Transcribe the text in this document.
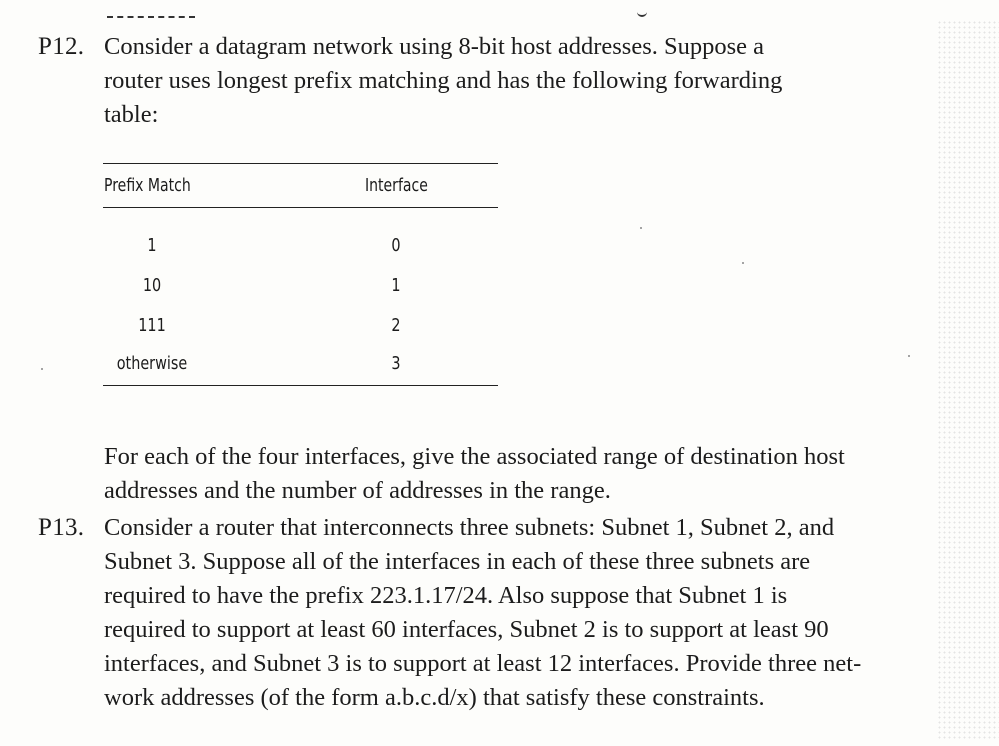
P12. Consider a datagram network using 8-bit host addresses. Suppose a
router uses longest prefix matching and has the following forwarding
table:
Prefix Match	Interface
1	0
10	1
111	2
otherwise	3
For each of the four interfaces, give the associated range of destination host
addresses and the number of addresses in the range.
P13. Consider a router that interconnects three subnets: Subnet 1, Subnet 2, and
Subnet 3. Suppose all of the interfaces in each of these three subnets are
required to have the prefix 223.1.17/24. Also suppose that Subnet 1 is
required to support at least 60 interfaces, Subnet 2 is to support at least 90
interfaces, and Subnet 3 is to support at least 12 interfaces. Provide three net-
work addresses (of the form a.b.c.d/x) that satisfy these constraints.
